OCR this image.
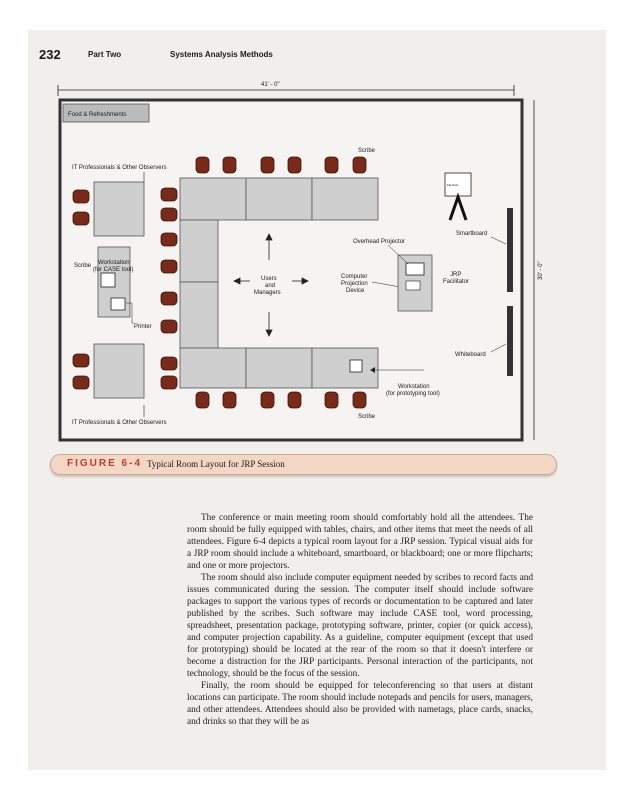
232	Part Two	Systems Analysis Methods
41' - 0"
30' - 0"
Food & Refreshments
IT Professionals & Other Observers
IT Professionals & Other Observers
Workstation
(for CASE tool)
Scribe
Printer
Scribe
Scribe
Users
and
Managers
Computer
Projection
Device
Overhead Projector
JRP
Facilitator
Flipchart
Smartboard
Whiteboard
Workstation
(for prototyping tool)
FIGURE 6-4 Typical Room Layout for JRP Session

The conference or main meeting room should comfortably hold all the attendees. The room should be fully equipped with tables, chairs, and other items that meet the needs of all attendees. Figure 6-4 depicts a typical room layout for a JRP session. Typical visual aids for a JRP room should include a whiteboard, smartboard, or blackboard; one or more flipcharts; and one or more projectors.

The room should also include computer equipment needed by scribes to record facts and issues communicated during the session. The computer itself should include software packages to support the various types of records or documentation to be captured and later published by the scribes. Such software may include CASE tool, word processing, spreadsheet, presentation package, prototyping software, printer, copier (or quick access), and computer projection capability. As a guideline, computer equipment (except that used for prototyping) should be located at the rear of the room so that it doesn't interfere or become a distraction for the JRP participants. Personal interaction of the participants, not technology, should be the focus of the session.

Finally, the room should be equipped for teleconferencing so that users at distant locations can participate. The room should include notepads and pencils for users, managers, and other attendees. Attendees should also be provided with nametags, place cards, snacks, and drinks so that they will be as
